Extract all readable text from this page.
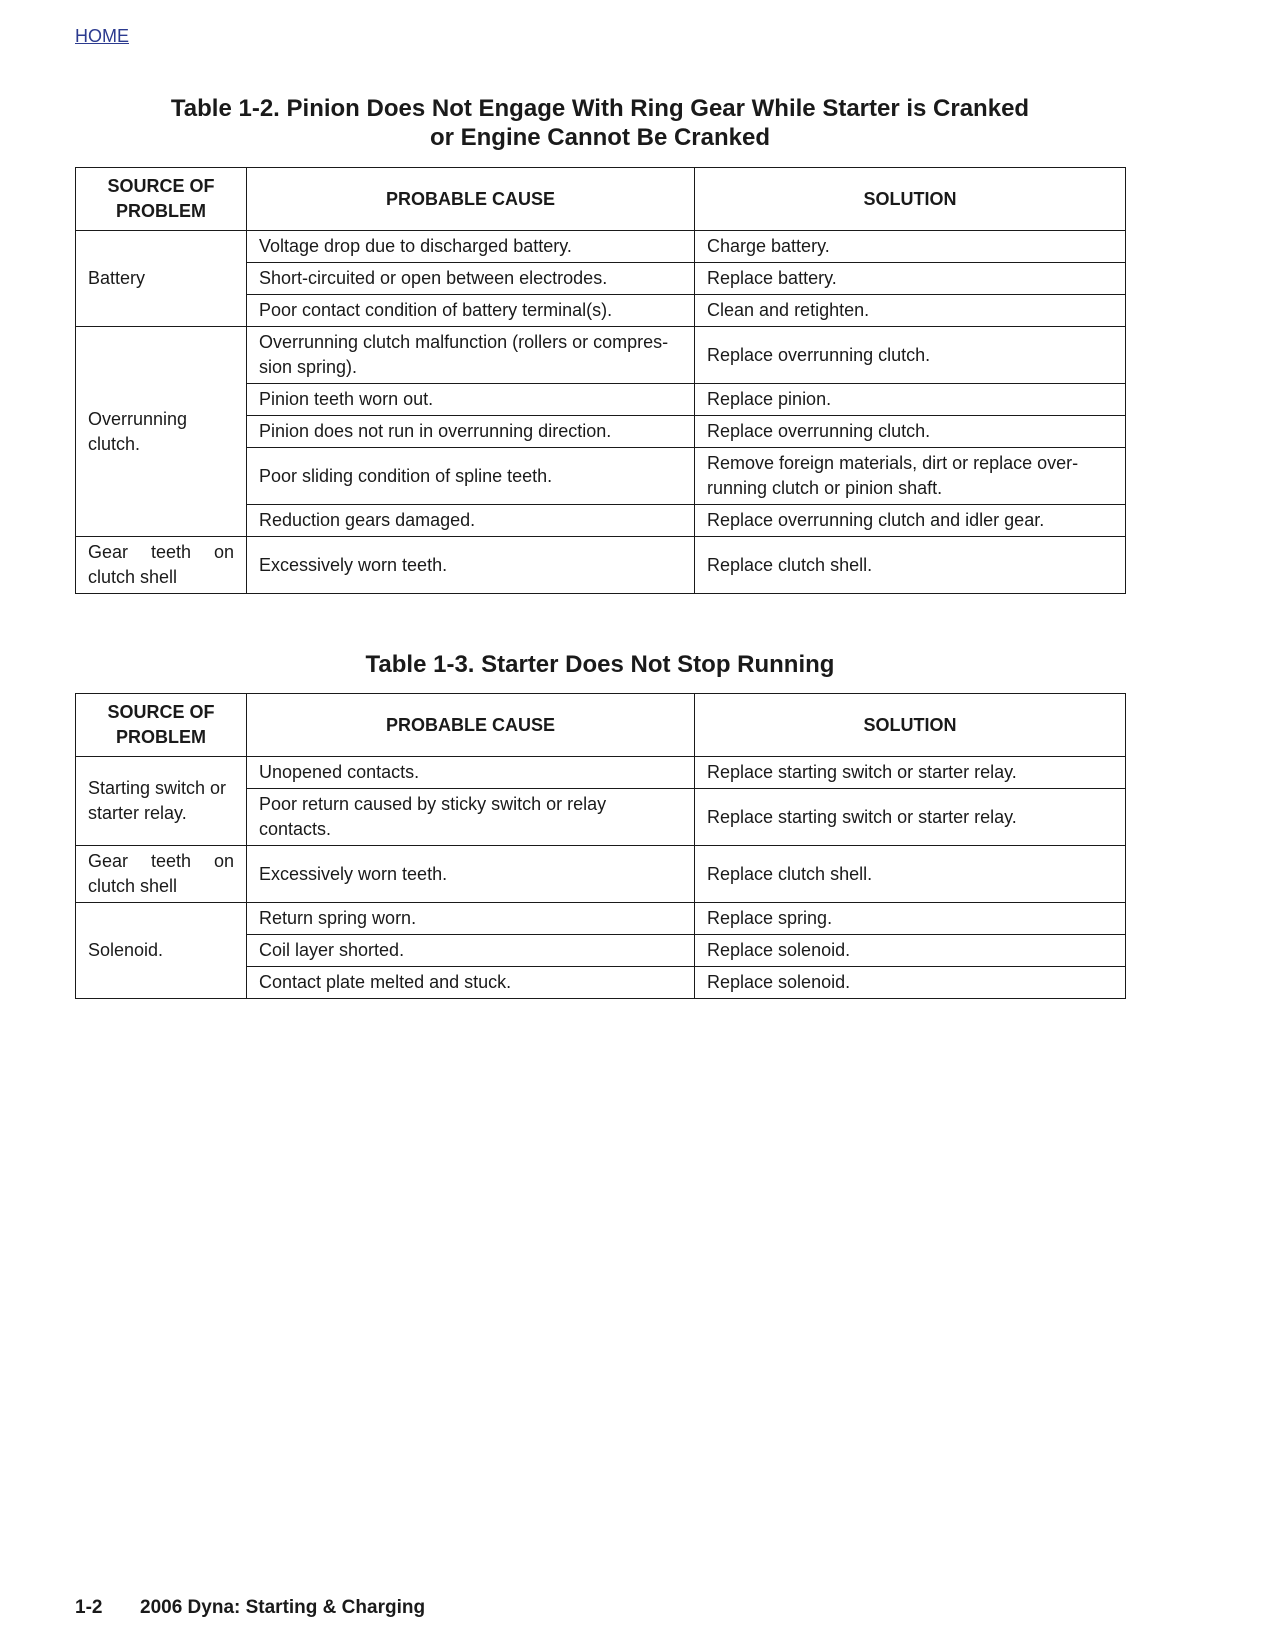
HOME
Table 1-2. Pinion Does Not Engage With Ring Gear While Starter is Cranked
or Engine Cannot Be Cranked
SOURCE OF PROBLEM	PROBABLE CAUSE	SOLUTION
Battery	Voltage drop due to discharged battery.	Charge battery.
	Short-circuited or open between electrodes.	Replace battery.
	Poor contact condition of battery terminal(s).	Clean and retighten.
Overrunning clutch.	Overrunning clutch malfunction (rollers or compres-sion spring).	Replace overrunning clutch.
	Pinion teeth worn out.	Replace pinion.
	Pinion does not run in overrunning direction.	Replace overrunning clutch.
	Poor sliding condition of spline teeth.	Remove foreign materials, dirt or replace over-running clutch or pinion shaft.
	Reduction gears damaged.	Replace overrunning clutch and idler gear.
Gear teeth on clutch shell	Excessively worn teeth.	Replace clutch shell.
Table 1-3. Starter Does Not Stop Running
SOURCE OF PROBLEM	PROBABLE CAUSE	SOLUTION
Starting switch or starter relay.	Unopened contacts.	Replace starting switch or starter relay.
	Poor return caused by sticky switch or relay contacts.	Replace starting switch or starter relay.
Gear teeth on clutch shell	Excessively worn teeth.	Replace clutch shell.
Solenoid.	Return spring worn.	Replace spring.
	Coil layer shorted.	Replace solenoid.
	Contact plate melted and stuck.	Replace solenoid.
1-2 2006 Dyna: Starting & Charging
